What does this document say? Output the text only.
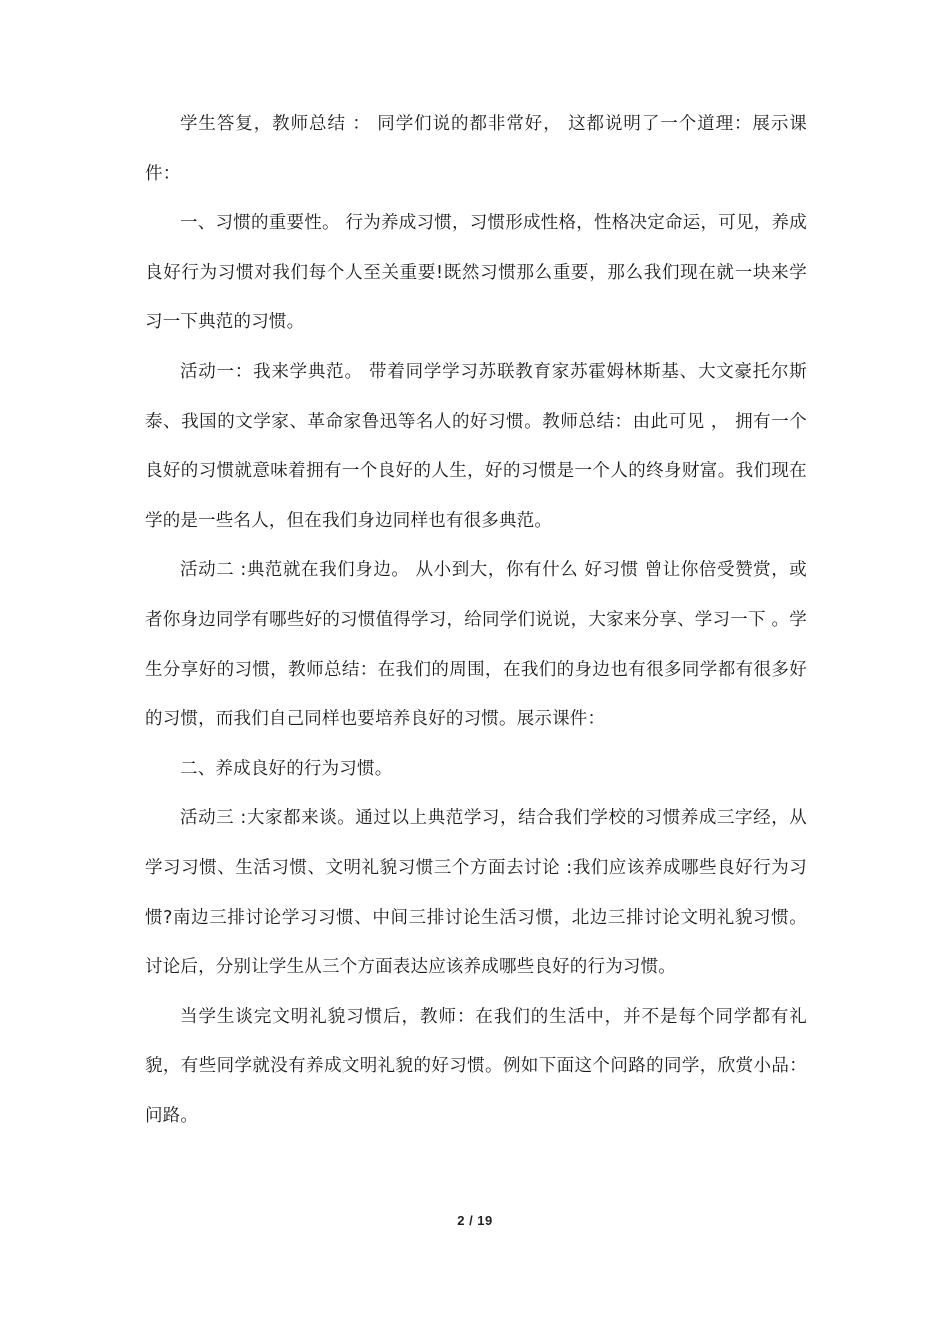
学生答复，教师总结 ： 同学们说的都非常好， 这都说明了一个道理：展示课件：

一、习惯的重要性。 行为养成习惯，习惯形成性格，性格决定命运，可见，养成良好行为习惯对我们每个人至关重要!既然习惯那么重要，那么我们现在就一块来学习一下典范的习惯。

活动一：我来学典范。 带着同学学习苏联教育家苏霍姆林斯基、大文豪托尔斯泰、我国的文学家、革命家鲁迅等名人的好习惯。教师总结：由此可见 ， 拥有一个良好的习惯就意味着拥有一个良好的人生，好的习惯是一个人的终身财富。我们现在学的是一些名人，但在我们身边同样也有很多典范。

活动二 :典范就在我们身边。 从小到大，你有什么 好习惯 曾让你倍受赞赏，或者你身边同学有哪些好的习惯值得学习，给同学们说说，大家来分享、学习一下 。学生分享好的习惯，教师总结：在我们的周围，在我们的身边也有很多同学都有很多好的习惯，而我们自己同样也要培养良好的习惯。展示课件：

二、养成良好的行为习惯。

活动三 :大家都来谈。通过以上典范学习，结合我们学校的习惯养成三字经，从学习习惯、生活习惯、文明礼貌习惯三个方面去讨论 :我们应该养成哪些良好行为习惯?南边三排讨论学习习惯、中间三排讨论生活习惯，北边三排讨论文明礼貌习惯。讨论后，分别让学生从三个方面表达应该养成哪些良好的行为习惯。

当学生谈完文明礼貌习惯后，教师：在我们的生活中，并不是每个同学都有礼貌，有些同学就没有养成文明礼貌的好习惯。例如下面这个问路的同学，欣赏小品：问路。

2 / 19
